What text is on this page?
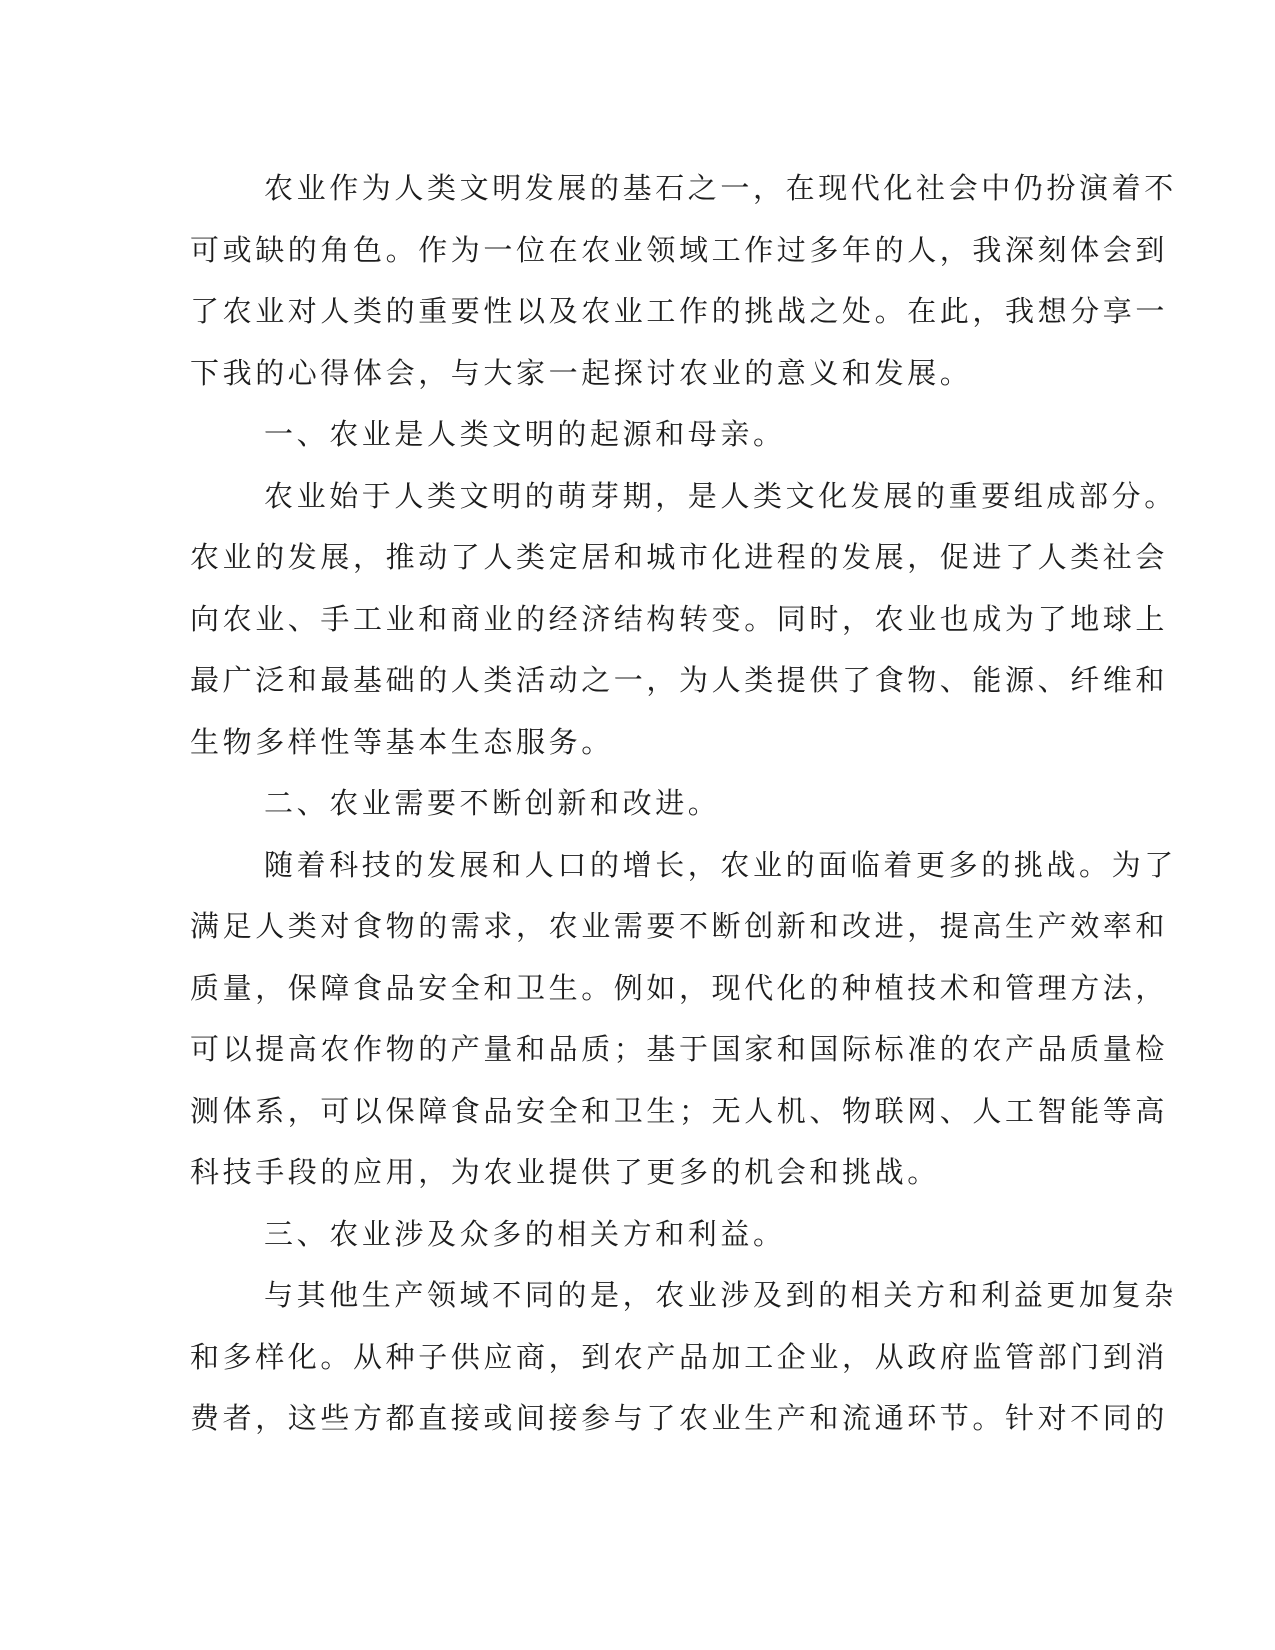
农业作为人类文明发展的基石之一，在现代化社会中仍扮演着不
可或缺的角色。作为一位在农业领域工作过多年的人，我深刻体会到
了农业对人类的重要性以及农业工作的挑战之处。在此，我想分享一
下我的心得体会，与大家一起探讨农业的意义和发展。
一、农业是人类文明的起源和母亲。
农业始于人类文明的萌芽期，是人类文化发展的重要组成部分。
农业的发展，推动了人类定居和城市化进程的发展，促进了人类社会
向农业、手工业和商业的经济结构转变。同时，农业也成为了地球上
最广泛和最基础的人类活动之一，为人类提供了食物、能源、纤维和
生物多样性等基本生态服务。
二、农业需要不断创新和改进。
随着科技的发展和人口的增长，农业的面临着更多的挑战。为了
满足人类对食物的需求，农业需要不断创新和改进，提高生产效率和
质量，保障食品安全和卫生。例如，现代化的种植技术和管理方法，
可以提高农作物的产量和品质；基于国家和国际标准的农产品质量检
测体系，可以保障食品安全和卫生；无人机、物联网、人工智能等高
科技手段的应用，为农业提供了更多的机会和挑战。
三、农业涉及众多的相关方和利益。
与其他生产领域不同的是，农业涉及到的相关方和利益更加复杂
和多样化。从种子供应商，到农产品加工企业，从政府监管部门到消
费者，这些方都直接或间接参与了农业生产和流通环节。针对不同的
